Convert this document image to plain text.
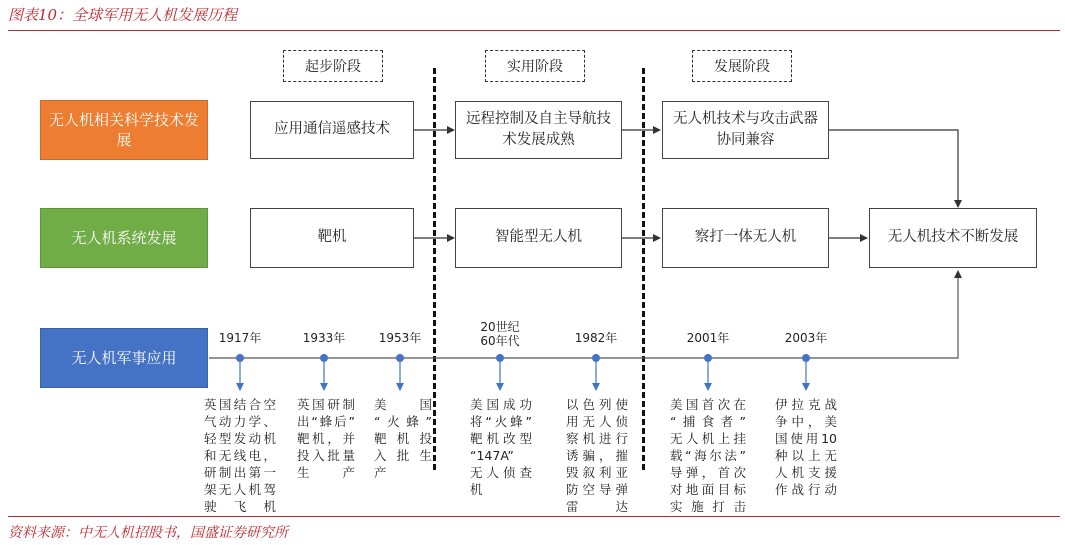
图表10：全球军用无人机发展历程
起步阶段	实用阶段	发展阶段
无人机相关科学技术发展
无人机系统发展
无人机军事应用
应用通信遥感技术
远程控制及自主导航技术发展成熟
无人机技术与攻击武器协同兼容
靶机	智能型无人机	察打一体无人机	无人机技术不断发展
1917年	1933年	1953年
20世纪
60年代	1982年	2001年	2003年
英国结合空
气动力学、
轻型发动机
和无线电，
研制出第一
架无人机驾
驶飞机
英国研制
出“蜂后”
靶机，并
投入批量
生产
美　国
“火蜂”
靶机投
入批生
产
美国成功
将“火蜂”
靶机改型
“147A”
无人侦查
机
以色列使
用无人侦
察机进行
诱骗，摧
毁叙利亚
防空导弹
雷达
美国首次在
“捕食者”
无人机上挂
载“海尔法”
导弹，首次
对地面目标
实施打击
伊拉克战
争中，美
国使用10
种以上无
人机支援
作战行动
资料来源：中无人机招股书，国盛证券研究所
